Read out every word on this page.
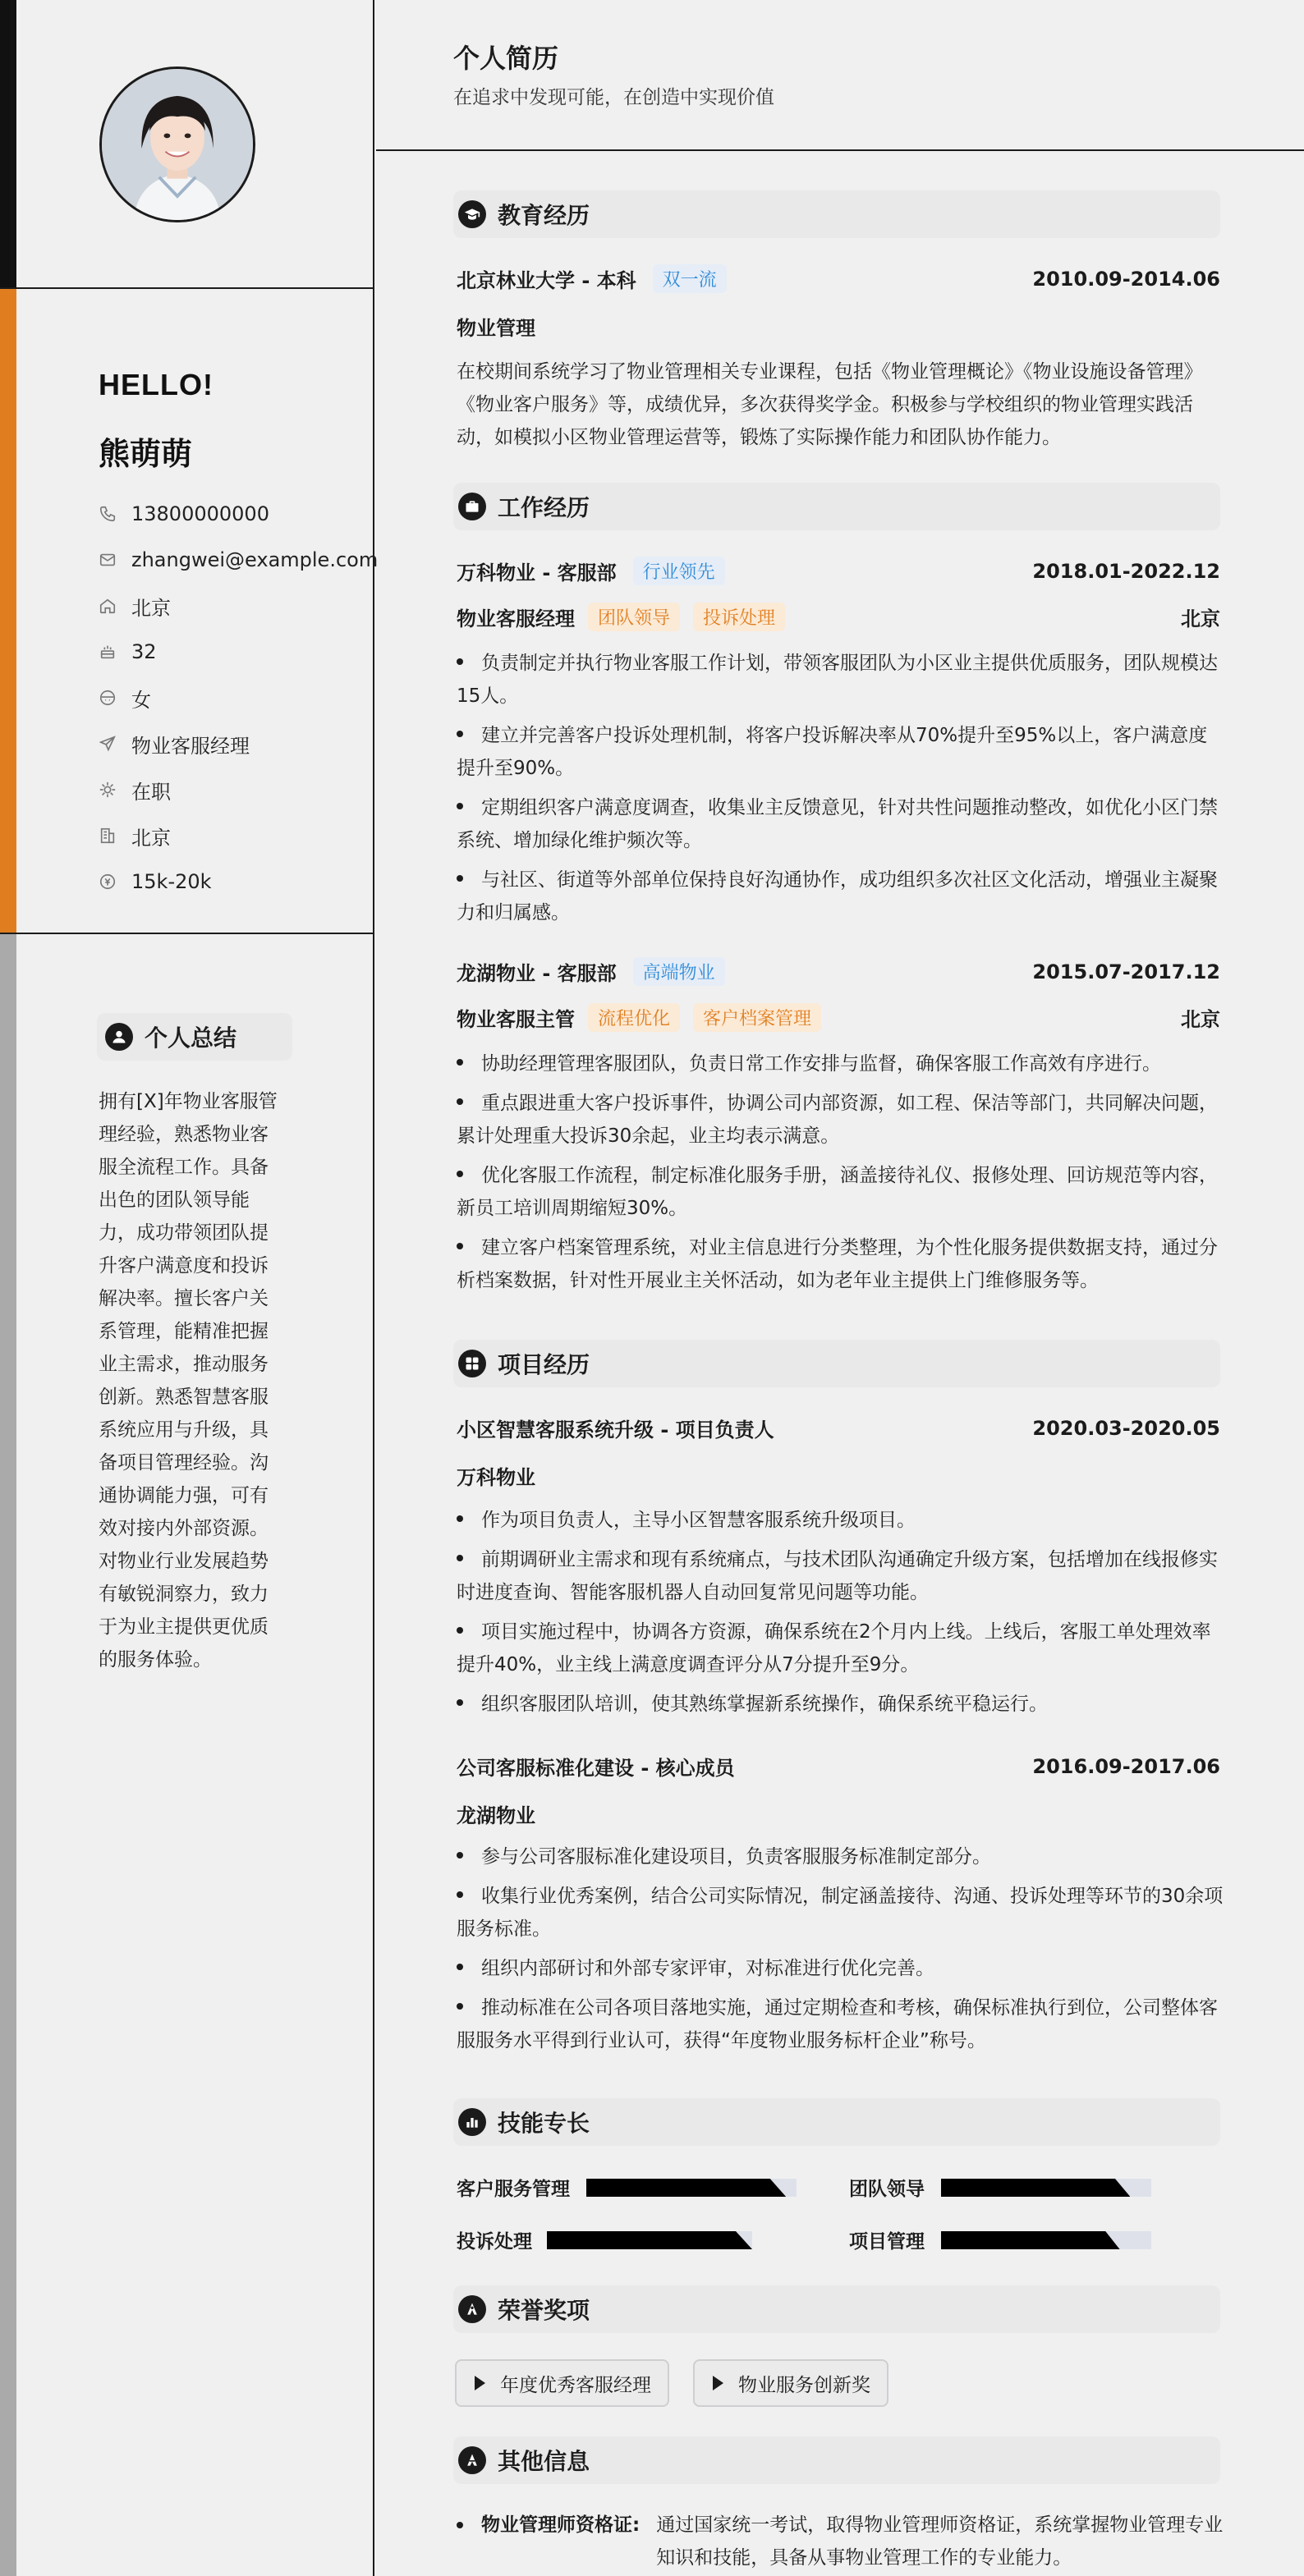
HELLO!
熊萌萌
13800000000
zhangwei@example.com
北京
32
女
物业客服经理
在职
北京
15k-20k
个人总结
拥有[X]年物业客服管理经验，熟悉物业客服全流程工作。具备出色的团队领导能力，成功带领团队提升客户满意度和投诉解决率。擅长客户关系管理，能精准把握业主需求，推动服务创新。熟悉智慧客服系统应用与升级，具备项目管理经验。沟通协调能力强，可有效对接内外部资源。对物业行业发展趋势有敏锐洞察力，致力于为业主提供更优质的服务体验。
个人简历
在追求中发现可能，在创造中实现价值
教育经历
北京林业大学 - 本科	双一流	2010.09-2014.06
物业管理
在校期间系统学习了物业管理相关专业课程，包括《物业管理概论》《物业设施设备管理》《物业客户服务》等，成绩优异，多次获得奖学金。积极参与学校组织的物业管理实践活动，如模拟小区物业管理运营等，锻炼了实际操作能力和团队协作能力。
工作经历
万科物业 - 客服部	行业领先	2018.01-2022.12
物业客服经理	团队领导	投诉处理	北京
负责制定并执行物业客服工作计划，带领客服团队为小区业主提供优质服务，团队规模达15人。
建立并完善客户投诉处理机制，将客户投诉解决率从70%提升至95%以上，客户满意度提升至90%。
定期组织客户满意度调查，收集业主反馈意见，针对共性问题推动整改，如优化小区门禁系统、增加绿化维护频次等。
与社区、街道等外部单位保持良好沟通协作，成功组织多次社区文化活动，增强业主凝聚力和归属感。
龙湖物业 - 客服部	高端物业	2015.07-2017.12
物业客服主管	流程优化	客户档案管理	北京
协助经理管理客服团队，负责日常工作安排与监督，确保客服工作高效有序进行。
重点跟进重大客户投诉事件，协调公司内部资源，如工程、保洁等部门，共同解决问题，累计处理重大投诉30余起，业主均表示满意。
优化客服工作流程，制定标准化服务手册，涵盖接待礼仪、报修处理、回访规范等内容，新员工培训周期缩短30%。
建立客户档案管理系统，对业主信息进行分类整理，为个性化服务提供数据支持，通过分析档案数据，针对性开展业主关怀活动，如为老年业主提供上门维修服务等。
项目经历
小区智慧客服系统升级 - 项目负责人	2020.03-2020.05
万科物业
作为项目负责人，主导小区智慧客服系统升级项目。
前期调研业主需求和现有系统痛点，与技术团队沟通确定升级方案，包括增加在线报修实时进度查询、智能客服机器人自动回复常见问题等功能。
项目实施过程中，协调各方资源，确保系统在2个月内上线。上线后，客服工单处理效率提升40%，业主线上满意度调查评分从7分提升至9分。
组织客服团队培训，使其熟练掌握新系统操作，确保系统平稳运行。
公司客服标准化建设 - 核心成员	2016.09-2017.06
龙湖物业
参与公司客服标准化建设项目，负责客服服务标准制定部分。
收集行业优秀案例，结合公司实际情况，制定涵盖接待、沟通、投诉处理等环节的30余项服务标准。
组织内部研讨和外部专家评审，对标准进行优化完善。
推动标准在公司各项目落地实施，通过定期检查和考核，确保标准执行到位，公司整体客服服务水平得到行业认可，获得“年度物业服务标杆企业”称号。
技能专长
客户服务管理	团队领导
投诉处理	项目管理
荣誉奖项
年度优秀客服经理	物业服务创新奖
其他信息
物业管理师资格证: 通过国家统一考试，取得物业管理师资格证，系统掌握物业管理专业知识和技能，具备从事物业管理工作的专业能力。
